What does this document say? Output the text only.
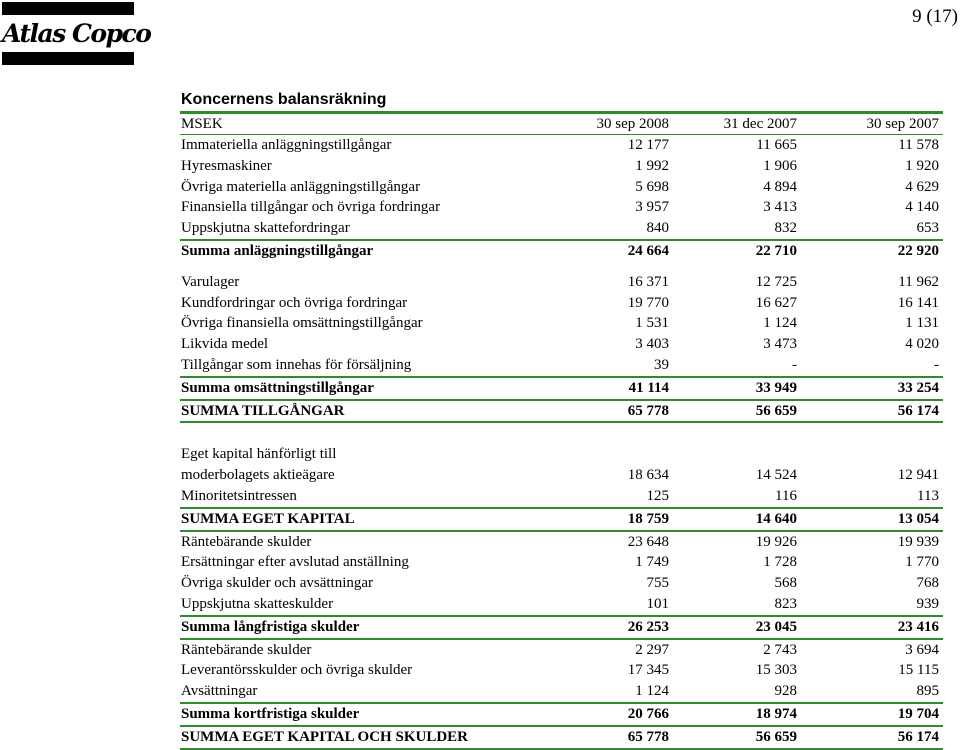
Atlas Copco
9 (17)
Koncernens balansräkning
MSEK	30 sep 2008	31 dec 2007	30 sep 2007
Immateriella anläggningstillgångar	12 177	11 665	11 578
Hyresmaskiner	1 992	1 906	1 920
Övriga materiella anläggningstillgångar	5 698	4 894	4 629
Finansiella tillgångar och övriga fordringar	3 957	3 413	4 140
Uppskjutna skattefordringar	840	832	653
Summa anläggningstillgångar	24 664	22 710	22 920
Varulager	16 371	12 725	11 962
Kundfordringar och övriga fordringar	19 770	16 627	16 141
Övriga finansiella omsättningstillgångar	1 531	1 124	1 131
Likvida medel	3 403	3 473	4 020
Tillgångar som innehas för försäljning	39	-	-
Summa omsättningstillgångar	41 114	33 949	33 254
SUMMA TILLGÅNGAR	65 778	56 659	56 174
Eget kapital hänförligt till
moderbolagets aktieägare	18 634	14 524	12 941
Minoritetsintressen	125	116	113
SUMMA EGET KAPITAL	18 759	14 640	13 054
Räntebärande skulder	23 648	19 926	19 939
Ersättningar efter avslutad anställning	1 749	1 728	1 770
Övriga skulder och avsättningar	755	568	768
Uppskjutna skatteskulder	101	823	939
Summa långfristiga skulder	26 253	23 045	23 416
Räntebärande skulder	2 297	2 743	3 694
Leverantörsskulder och övriga skulder	17 345	15 303	15 115
Avsättningar	1 124	928	895
Summa kortfristiga skulder	20 766	18 974	19 704
SUMMA EGET KAPITAL OCH SKULDER	65 778	56 659	56 174
